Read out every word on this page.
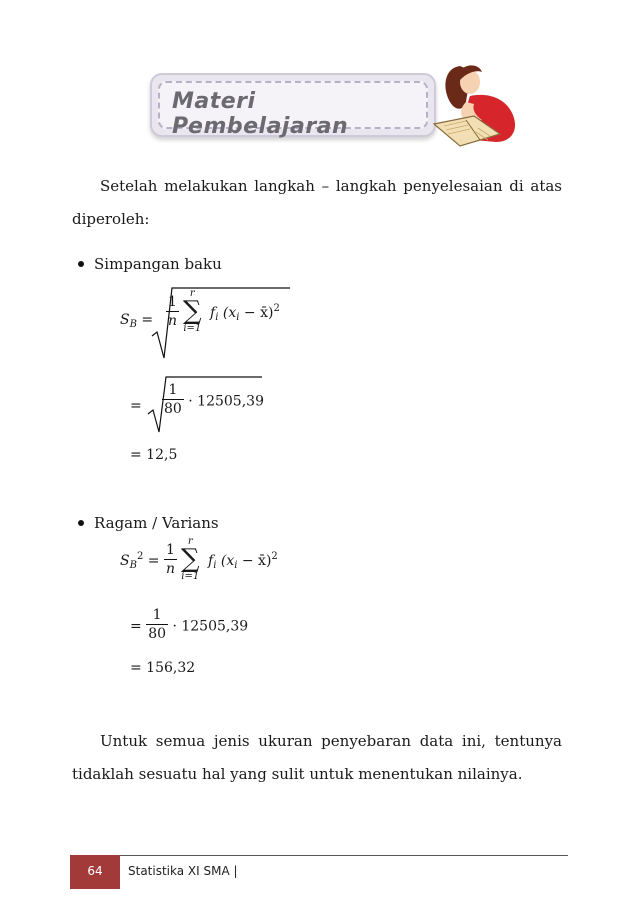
Materi Pembelajaran
Setelah melakukan langkah – langkah penyelesaian di atas diperoleh:
Simpangan baku
$S_B = \frac{1}{n}$	r
∑
i=1
$f_i$ ($x_i$ − x̄)$^2$
= $\frac{1}{80} \cdot 12505,39$
= 12,5
Ragam / Varians
$S_B^2 = \frac{1}{n}$	r
∑
i=1
$f_i$ ($x_i$ − x̄)$^2$
= $\frac{1}{80} \cdot 12505,39$
= 156,32
Untuk semua jenis ukuran penyebaran data ini, tentunya tidaklah sesuatu hal yang sulit untuk menentukan nilainya.
64	Statistika XI SMA |
